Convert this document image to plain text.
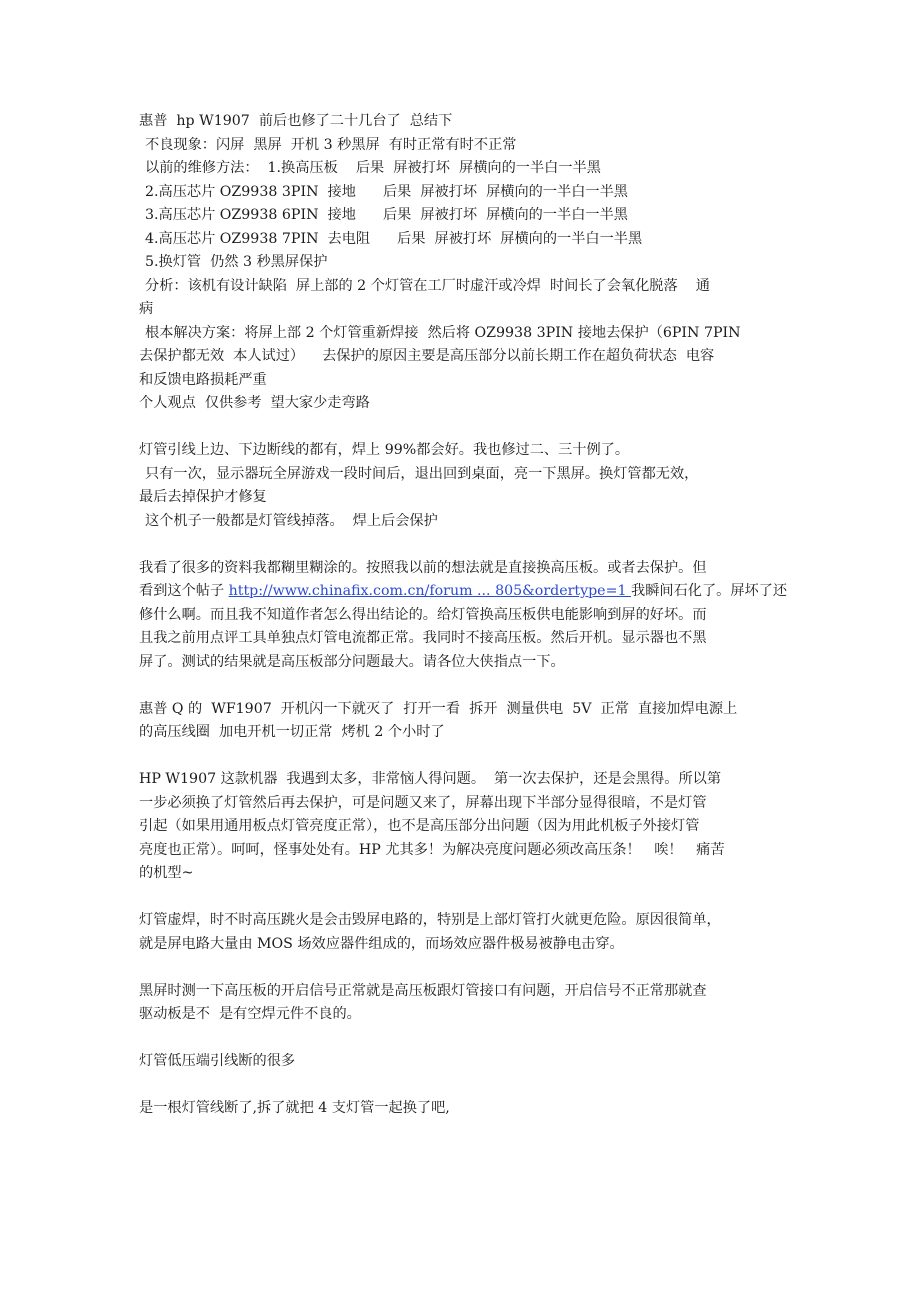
惠普  hp W1907  前后也修了二十几台了  总结下
不良现象：闪屏  黑屏  开机 3 秒黑屏  有时正常有时不正常
以前的维修方法：  1.换高压板    后果  屏被打坏  屏横向的一半白一半黑
2.高压芯片 OZ9938 3PIN  接地      后果  屏被打坏  屏横向的一半白一半黑
3.高压芯片 OZ9938 6PIN  接地      后果  屏被打坏  屏横向的一半白一半黑
4.高压芯片 OZ9938 7PIN  去电阻      后果  屏被打坏  屏横向的一半白一半黑
5.换灯管  仍然 3 秒黑屏保护
分析：该机有设计缺陷  屏上部的 2 个灯管在工厂时虚汗或冷焊  时间长了会氧化脱落    通
病
根本解决方案：将屏上部 2 个灯管重新焊接  然后将 OZ9938 3PIN 接地去保护（6PIN 7PIN
去保护都无效  本人试过）    去保护的原因主要是高压部分以前长期工作在超负荷状态  电容
和反馈电路损耗严重
个人观点  仅供参考  望大家少走弯路
灯管引线上边、下边断线的都有，焊上 99%都会好。我也修过二、三十例了。
只有一次，显示器玩全屏游戏一段时间后，退出回到桌面，亮一下黑屏。换灯管都无效，
最后去掉保护才修复
这个机子一般都是灯管线掉落。  焊上后会保护
我看了很多的资料我都糊里糊涂的。按照我以前的想法就是直接换高压板。或者去保护。但
看到这个帖子 http://www.chinafix.com.cn/forum ... 805&ordertype=1 我瞬间石化了。屏坏了还
修什么啊。而且我不知道作者怎么得出结论的。给灯管换高压板供电能影响到屏的好坏。而
且我之前用点评工具单独点灯管电流都正常。我同时不接高压板。然后开机。显示器也不黑
屏了。测试的结果就是高压板部分问题最大。请各位大侠指点一下。
惠普 Q 的  WF1907  开机闪一下就灭了  打开一看  拆开  测量供电  5V  正常  直接加焊电源上
的高压线圈  加电开机一切正常  烤机 2 个小时了
HP W1907 这款机器  我遇到太多，非常恼人得问题。  第一次去保护，还是会黑得。所以第
一步必须换了灯管然后再去保护，可是问题又来了，屏幕出现下半部分显得很暗，不是灯管
引起（如果用通用板点灯管亮度正常），也不是高压部分出问题（因为用此机板子外接灯管
亮度也正常）。呵呵，怪事处处有。HP 尤其多！为解决亮度问题必须改高压条！   唉！   痛苦
的机型~
灯管虚焊，时不时高压跳火是会击毁屏电路的，特别是上部灯管打火就更危险。原因很简单，
就是屏电路大量由 MOS 场效应器件组成的，而场效应器件极易被静电击穿。
黑屏时测一下高压板的开启信号正常就是高压板跟灯管接口有问题，开启信号不正常那就查
驱动板是不  是有空焊元件不良的。
灯管低压端引线断的很多
是一根灯管线断了,拆了就把 4 支灯管一起换了吧,
